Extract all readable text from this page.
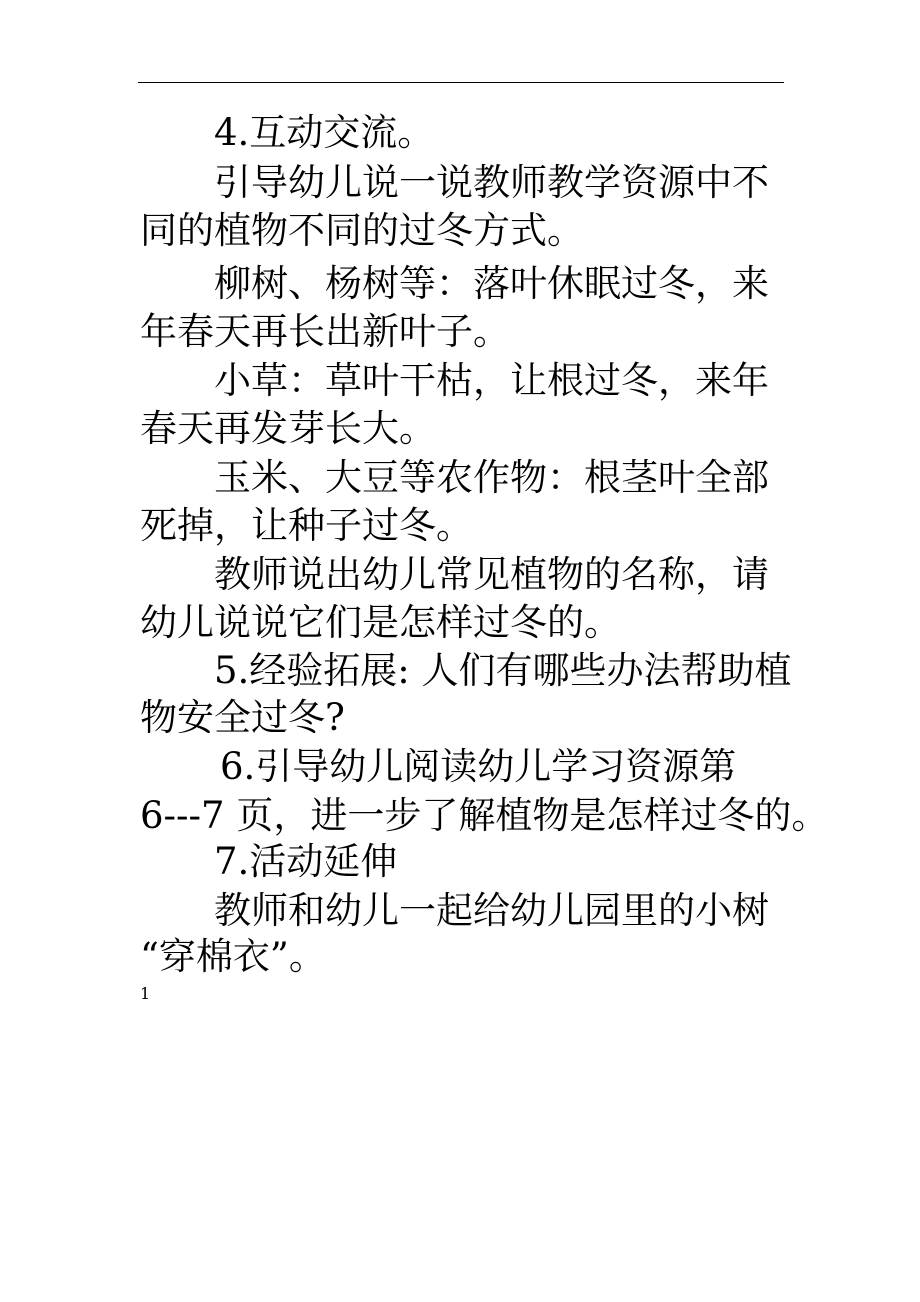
4.互动交流。
引导幼儿说一说教师教学资源中不
同的植物不同的过冬方式。
柳树、杨树等：落叶休眠过冬，来
年春天再长出新叶子。
小草：草叶干枯，让根过冬，来年
春天再发芽长大。
玉米、大豆等农作物：根茎叶全部
死掉，让种子过冬。
教师说出幼儿常见植物的名称，请
幼儿说说它们是怎样过冬的。
5.经验拓展: 人们有哪些办法帮助植
物安全过冬?
6.引导幼儿阅读幼儿学习资源第
6---7 页，进一步了解植物是怎样过冬的。
7.活动延伸
教师和幼儿一起给幼儿园里的小树
“穿棉衣”。
1
